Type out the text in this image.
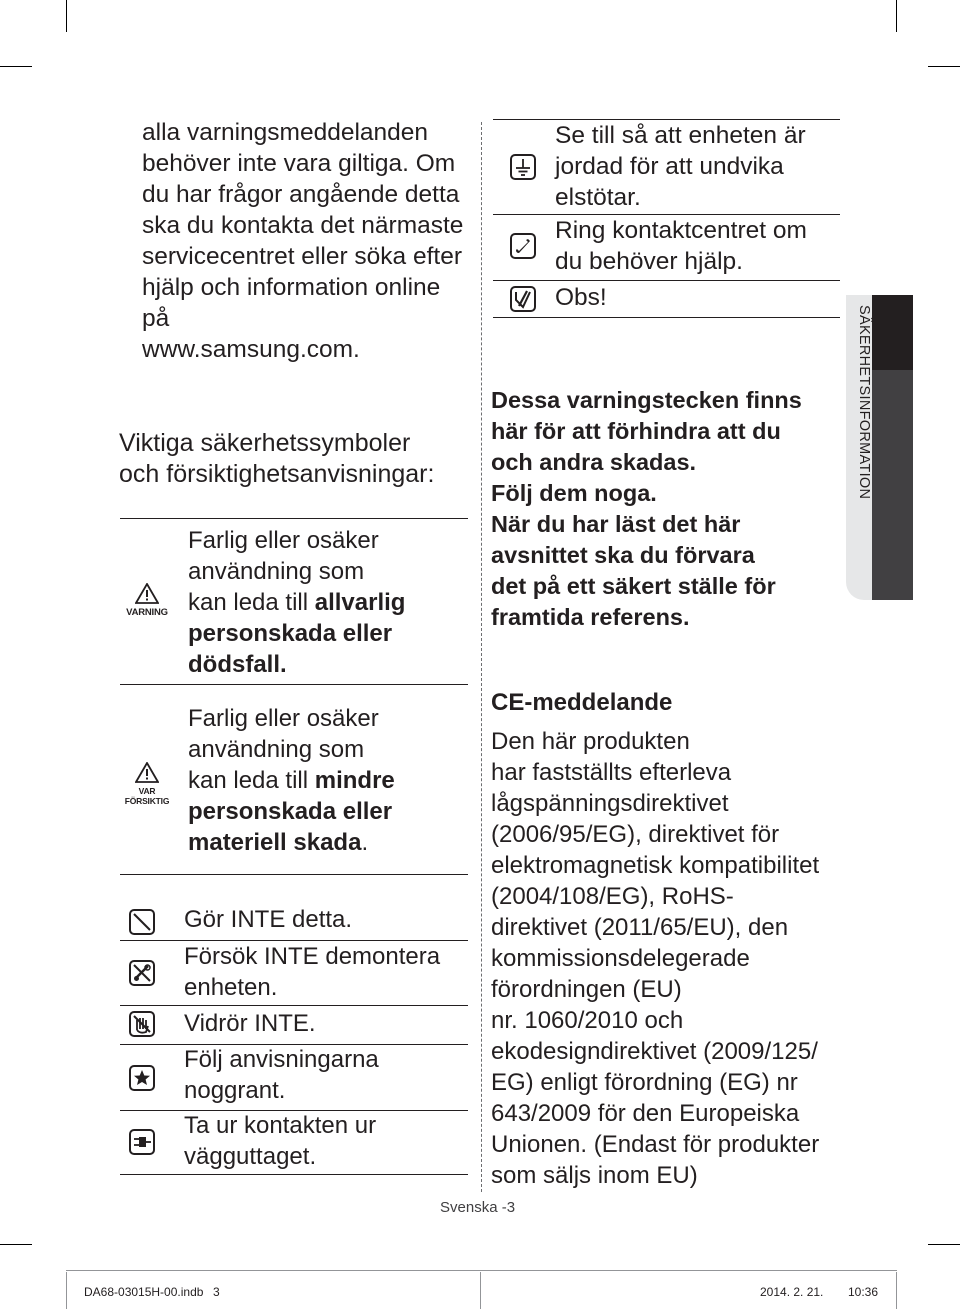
alla varningsmeddelanden
behöver inte vara giltiga. Om
du har frågor angående detta
ska du kontakta det närmaste
servicecentret eller söka efter
hjälp och information online
på
www.samsung.com.
Viktiga säkerhetssymboler
och försiktighetsanvisningar:
VARNING
Farlig eller osäker
användning som
kan leda till allvarlig
personskada eller
dödsfall.
VAR FÖRSIKTIG
Farlig eller osäker
användning som
kan leda till mindre
personskada eller
materiell skada.
Gör INTE detta.
Försök INTE demontera
enheten.
Vidrör INTE.
Följ anvisningarna
noggrant.
Ta ur kontakten ur
vägguttaget.
Se till så att enheten är
jordad för att undvika
elstötar.
Ring kontaktcentret om
du behöver hjälp.
Obs!
Dessa varningstecken finns
här för att förhindra att du
och andra skadas.
Följ dem noga.
När du har läst det här
avsnittet ska du förvara
det på ett säkert ställe för
framtida referens.
CE-meddelande
Den här produkten
har fastställts efterleva
lågspänningsdirektivet
(2006/95/EG), direktivet för
elektromagnetisk kompatibilitet
(2004/108/EG), RoHS-
direktivet (2011/65/EU), den
kommissionsdelegerade
förordningen (EU)
nr. 1060/2010 och
ekodesigndirektivet (2009/125/
EG) enligt förordning (EG) nr
643/2009 för den Europeiska
Unionen. (Endast för produkter
som säljs inom EU)
SÄKERHETSINFORMATION
Svenska -3
DA68-03015H-00.indb 3	2014. 2. 21. 10:36
